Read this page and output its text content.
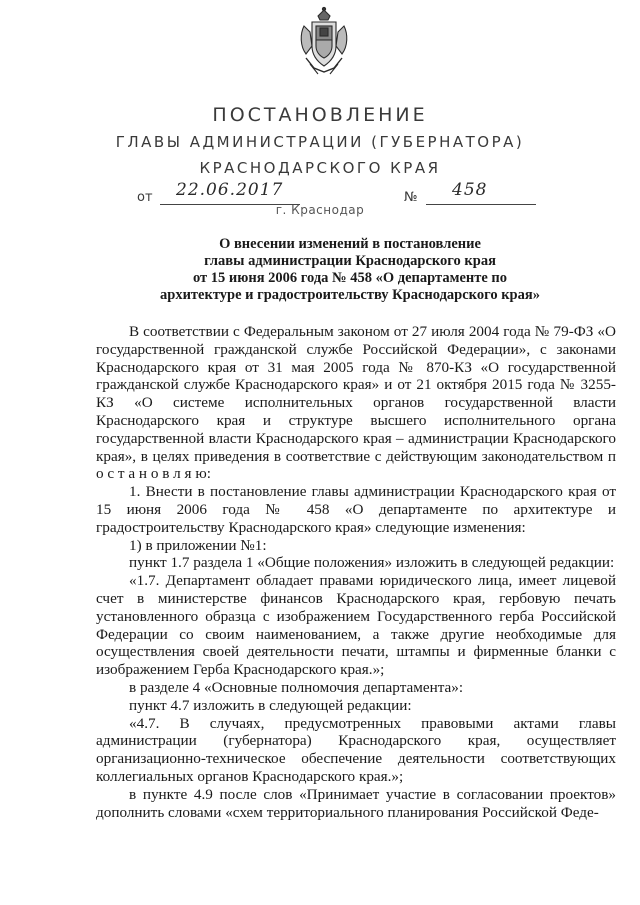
ПОСТАНОВЛЕНИЕ
ГЛАВЫ АДМИНИСТРАЦИИ (ГУБЕРНАТОРА)
КРАСНОДАРСКОГО КРАЯ
от 22.06.2017	№ 458
г. Краснодар
О внесении изменений в постановление
главы администрации Краснодарского края
от 15 июня 2006 года № 458 «О департаменте по
архитектуре и градостроительству Краснодарского края»

В соответствии с Федеральным законом от 27 июля 2004 года № 79-ФЗ «О государственной гражданской службе Российской Федерации», с законами Краснодарского края от 31 мая 2005 года № 870-КЗ «О государственной гражданской службе Краснодарского края» и от 21 октября 2015 года № 3255-КЗ «О системе исполнительных органов государственной власти Краснодарского края и структуре высшего исполнительного органа государственной власти Краснодарского края – администрации Краснодарского края», в целях приведения в соответствие с действующим законодательством п о с т а н о в л я ю:

1. Внести в постановление главы администрации Краснодарского края от 15 июня 2006 года № 458 «О департаменте по архитектуре и градостроительству Краснодарского края» следующие изменения:

1) в приложении №1:

пункт 1.7 раздела 1 «Общие положения» изложить в следующей редакции:

«1.7. Департамент обладает правами юридического лица, имеет лицевой счет в министерстве финансов Краснодарского края, гербовую печать установленного образца с изображением Государственного герба Российской Федерации со своим наименованием, а также другие необходимые для осуществления своей деятельности печати, штампы и фирменные бланки с изображением Герба Краснодарского края.»;

в разделе 4 «Основные полномочия департамента»:

пункт 4.7 изложить в следующей редакции:

«4.7. В случаях, предусмотренных правовыми актами главы администрации (губернатора) Краснодарского края, осуществляет организационно-техническое обеспечение деятельности соответствующих коллегиальных органов Краснодарского края.»;

в пункте 4.9 после слов «Принимает участие в согласовании проектов» дополнить словами «схем территориального планирования Российской Феде-
